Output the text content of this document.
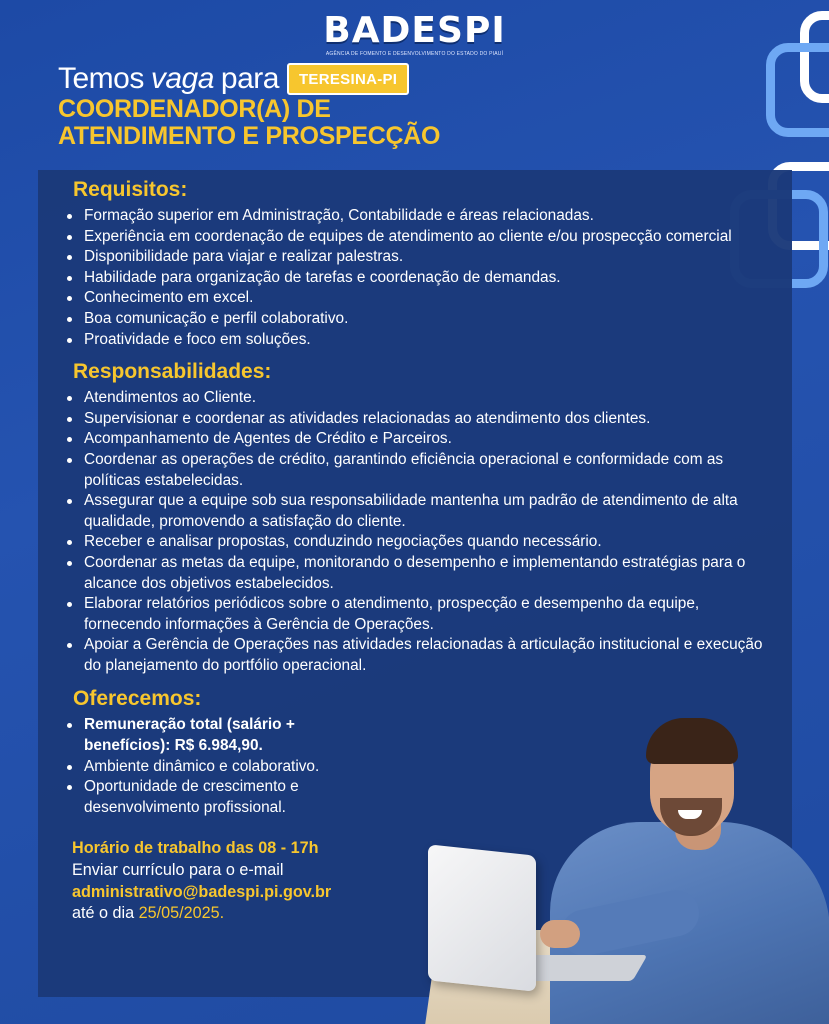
BADESPI
AGÊNCIA DE FOMENTO E DESENVOLVIMENTO DO ESTADO DO PIAUÍ
Temos vaga para	TERESINA-PI
COORDENADOR(A) DE
ATENDIMENTO E PROSPECÇÃO
Requisitos:
Formação superior em Administração, Contabilidade e áreas relacionadas.
Experiência em coordenação de equipes de atendimento ao cliente e/ou prospecção comercial
Disponibilidade para viajar e realizar palestras.
Habilidade para organização de tarefas e coordenação de demandas.
Conhecimento em excel.
Boa comunicação e perfil colaborativo.
Proatividade e foco em soluções.
Responsabilidades:
Atendimentos ao Cliente.
Supervisionar e coordenar as atividades relacionadas ao atendimento dos clientes.
Acompanhamento de Agentes de Crédito e Parceiros.
Coordenar as operações de crédito, garantindo eficiência operacional e conformidade com as políticas estabelecidas.
Assegurar que a equipe sob sua responsabilidade mantenha um padrão de atendimento de alta qualidade, promovendo a satisfação do cliente.
Receber e analisar propostas, conduzindo negociações quando necessário.
Coordenar as metas da equipe, monitorando o desempenho e implementando estratégias para o alcance dos objetivos estabelecidos.
Elaborar relatórios periódicos sobre o atendimento, prospecção e desempenho da equipe, fornecendo informações à Gerência de Operações.
Apoiar a Gerência de Operações nas atividades relacionadas à articulação institucional e execução do planejamento do portfólio operacional.
Oferecemos:
Remuneração total (salário + benefícios): R$ 6.984,90.
Ambiente dinâmico e colaborativo.
Oportunidade de crescimento e desenvolvimento profissional.
Horário de trabalho das 08 - 17h
Enviar currículo para o e-mail
administrativo@badespi.pi.gov.br
até o dia 25/05/2025.
